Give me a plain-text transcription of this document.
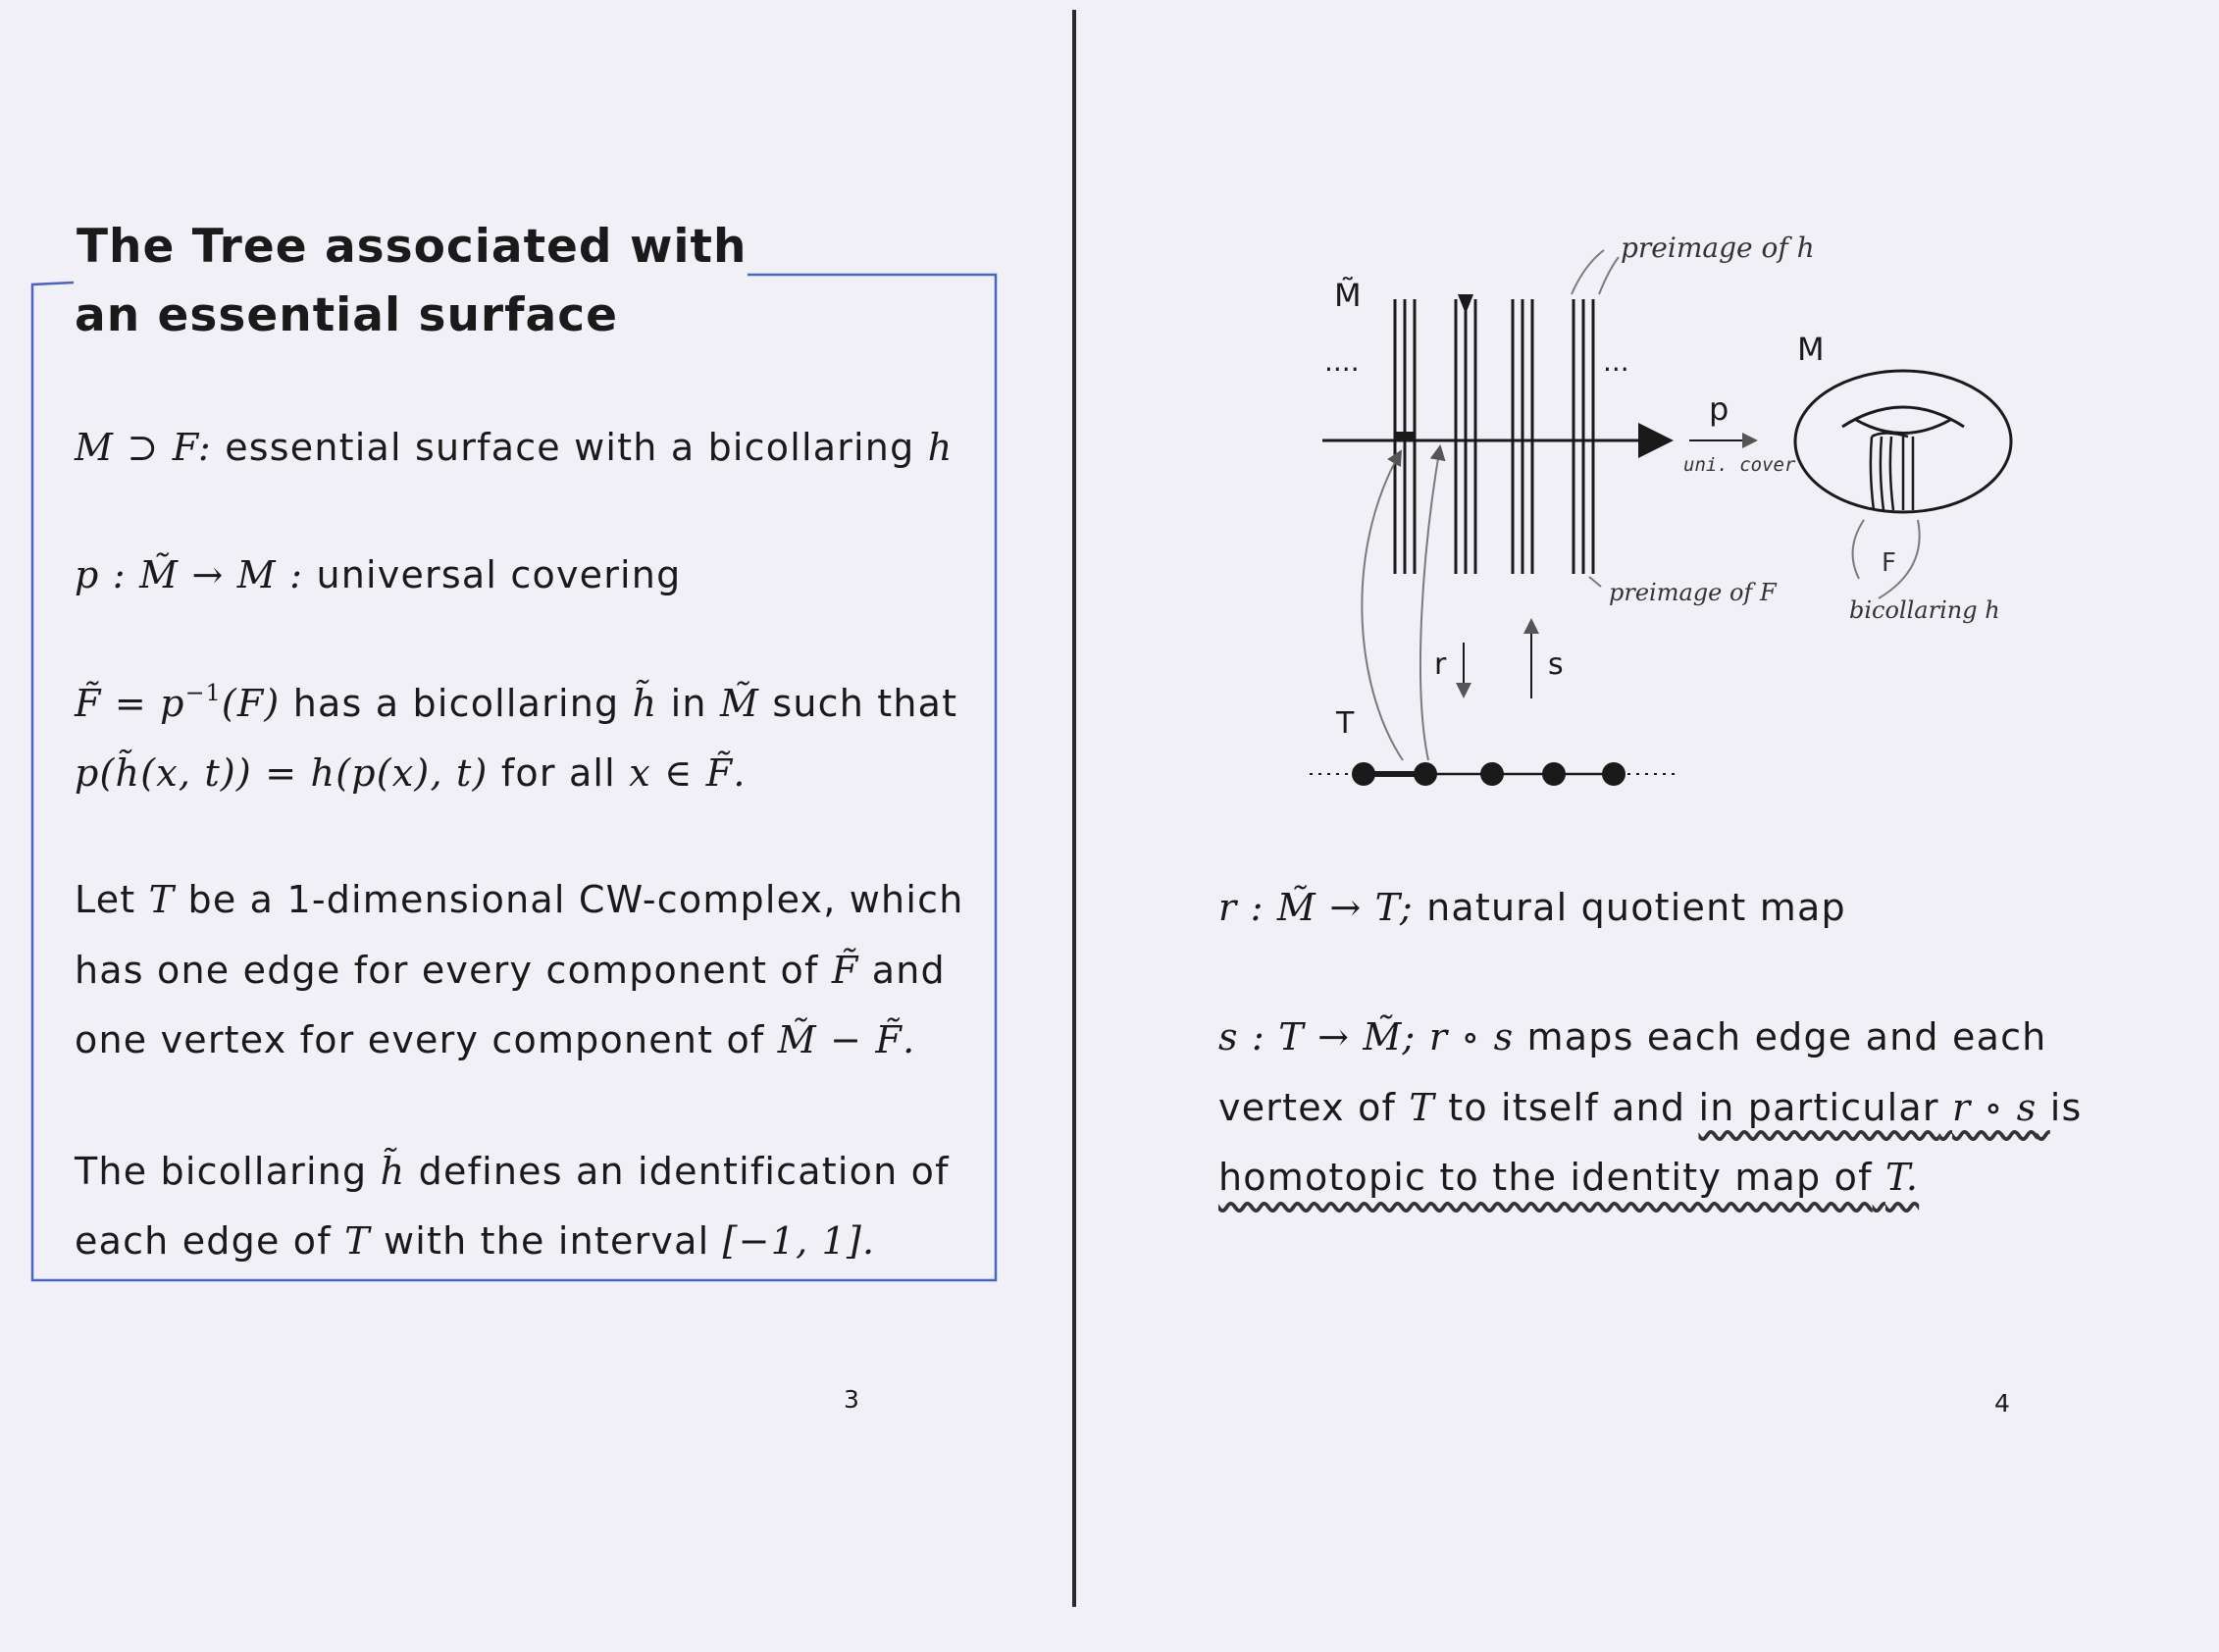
The Tree associated with
an essential surface
M ⊃ F: essential surface with a bicollaring h
p : M̃ → M : universal covering
F̃ = $p^{-1}(F)$ has a bicollaring h̃ in M̃ such that
p(h̃(x, t)) = h(p(x), t) for all x ∈ F̃.
Let T be a 1-dimensional CW-complex, which
has one edge for every component of F̃ and
one vertex for every component of M̃ − F̃.
The bicollaring h̃ defines an identification of
each edge of T with the interval [−1, 1].
3
M̃
....	...	M
p
uni. cover
r	s
T
F
preimage of h
preimage of F
bicollaring h
r : M̃ → T; natural quotient map
s : T → M̃; r ∘ s maps each edge and each
vertex of T to itself and in particular r ∘ s is
homotopic to the identity map of T.
4
